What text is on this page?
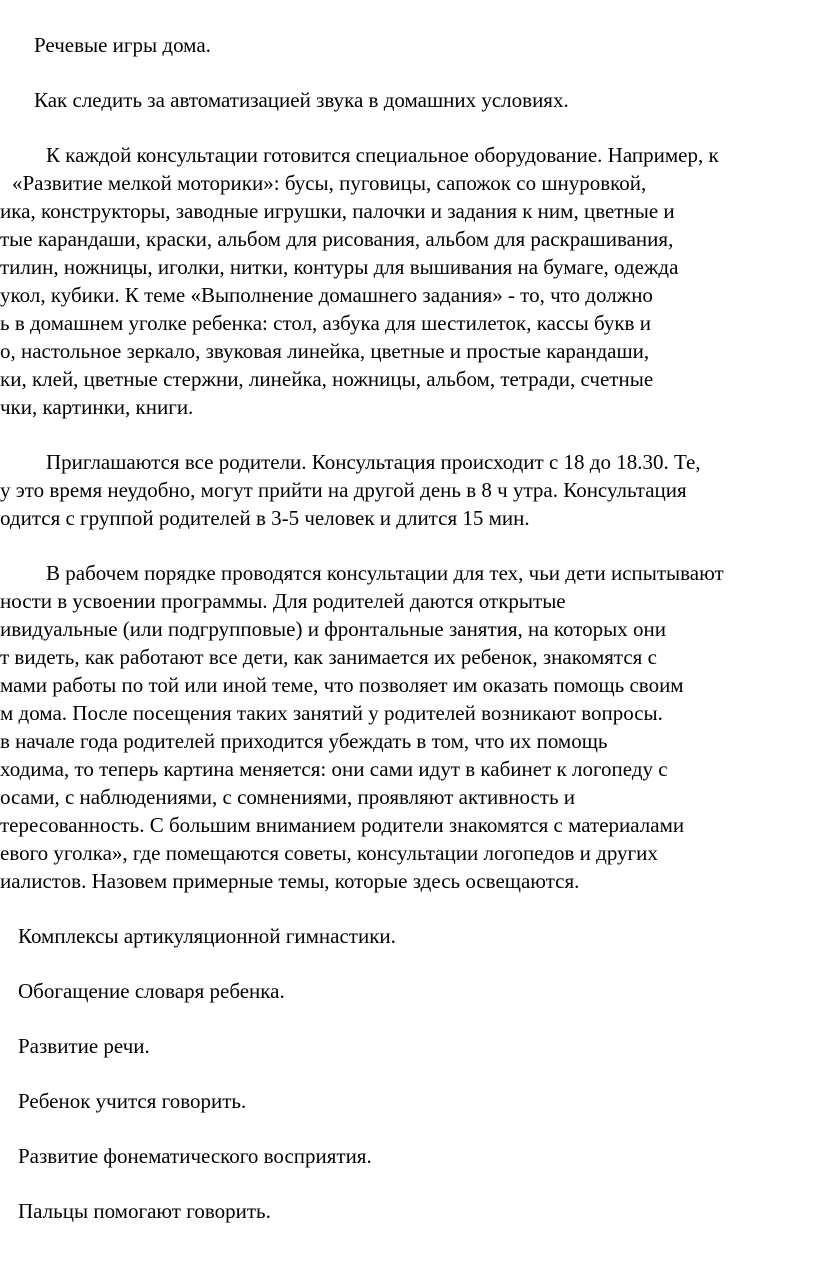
Речевые игры дома.
Как следить за автоматизацией звука в домашних условиях.
К каждой консультации готовится специальное оборудование. Например, к
«Развитие мелкой моторики»: бусы, пуговицы, сапожок со шнуровкой,
ика, конструкторы, заводные игрушки, палочки и задания к ним, цветные и
тые карандаши, краски, альбом для рисования, альбом для раскрашивания,
тилин, ножницы, иголки, нитки, контуры для вышивания на бумаге, одежда
укол, кубики. К теме «Выполнение домашнего задания» - то, что должно
ь в домашнем уголке ребенка: стол, азбука для шестилеток, кассы букв и
о, настольное зеркало, звуковая линейка, цветные и простые карандаши,
ки, клей, цветные стержни, линейка, ножницы, альбом, тетради, счетные
чки, картинки, книги.
Приглашаются все родители. Консультация происходит с 18 до 18.30. Те,
у это время неудобно, могут прийти на другой день в 8 ч утра. Консультация
одится с группой родителей в 3-5 человек и длится 15 мин.
В рабочем порядке проводятся консультации для тех, чьи дети испытывают
ности в усвоении программы. Для родителей даются открытые
ивидуальные (или подгрупповые) и фронтальные занятия, на которых они
т видеть, как работают все дети, как занимается их ребенок, знакомятся с
мами работы по той или иной теме, что позволяет им оказать помощь своим
м дома. После посещения таких занятий у родителей возникают вопросы.
в начале года родителей приходится убеждать в том, что их помощь
ходима, то теперь картина меняется: они сами идут в кабинет к логопеду с
осами, с наблюдениями, с сомнениями, проявляют активность и
тересованность. С большим вниманием родители знакомятся с материалами
евого уголка», где помещаются советы, консультации логопедов и других
иалистов. Назовем примерные темы, которые здесь освещаются.
Комплексы артикуляционной гимнастики.
Обогащение словаря ребенка.
Развитие речи.
Ребенок учится говорить.
Развитие фонематического восприятия.
Пальцы помогают говорить.
